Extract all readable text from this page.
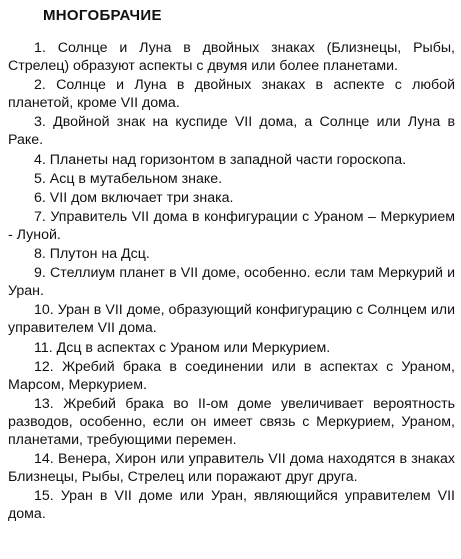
МНОГОБРАЧИЕ
1. Солнце и Луна в двойных знаках (Близнецы, Рыбы, Стрелец) образуют аспекты с двумя или более планетами.
2. Солнце и Луна в двойных знаках в аспекте с любой планетой, кроме VII дома.
3. Двойной знак на куспиде VII дома, а Солнце или Луна в Раке.
4. Планеты над горизонтом в западной части гороскопа.
5. Асц в мутабельном знаке.
6. VII дом включает три знака.
7. Управитель VII дома в конфигурации с Ураном – Меркурием - Луной.
8. Плутон на Дсц.
9. Стеллиум планет в VII доме, особенно. если там Меркурий и Уран.
10. Уран в VII доме, образующий конфигурацию с Солнцем или управителем VII дома.
11. Дсц в аспектах с Ураном или Меркурием.
12. Жребий брака в соединении или в аспектах с Ураном, Марсом, Меркурием.
13. Жребий брака во II-ом доме увеличивает вероятность разводов, особенно, если он имеет связь с Меркурием, Ураном, планетами, требующими перемен.
14. Венера, Хирон или управитель VII дома находятся в знаках Близнецы, Рыбы, Стрелец или поражают друг друга.
15. Уран в VII доме или Уран, являющийся управителем VII дома.
